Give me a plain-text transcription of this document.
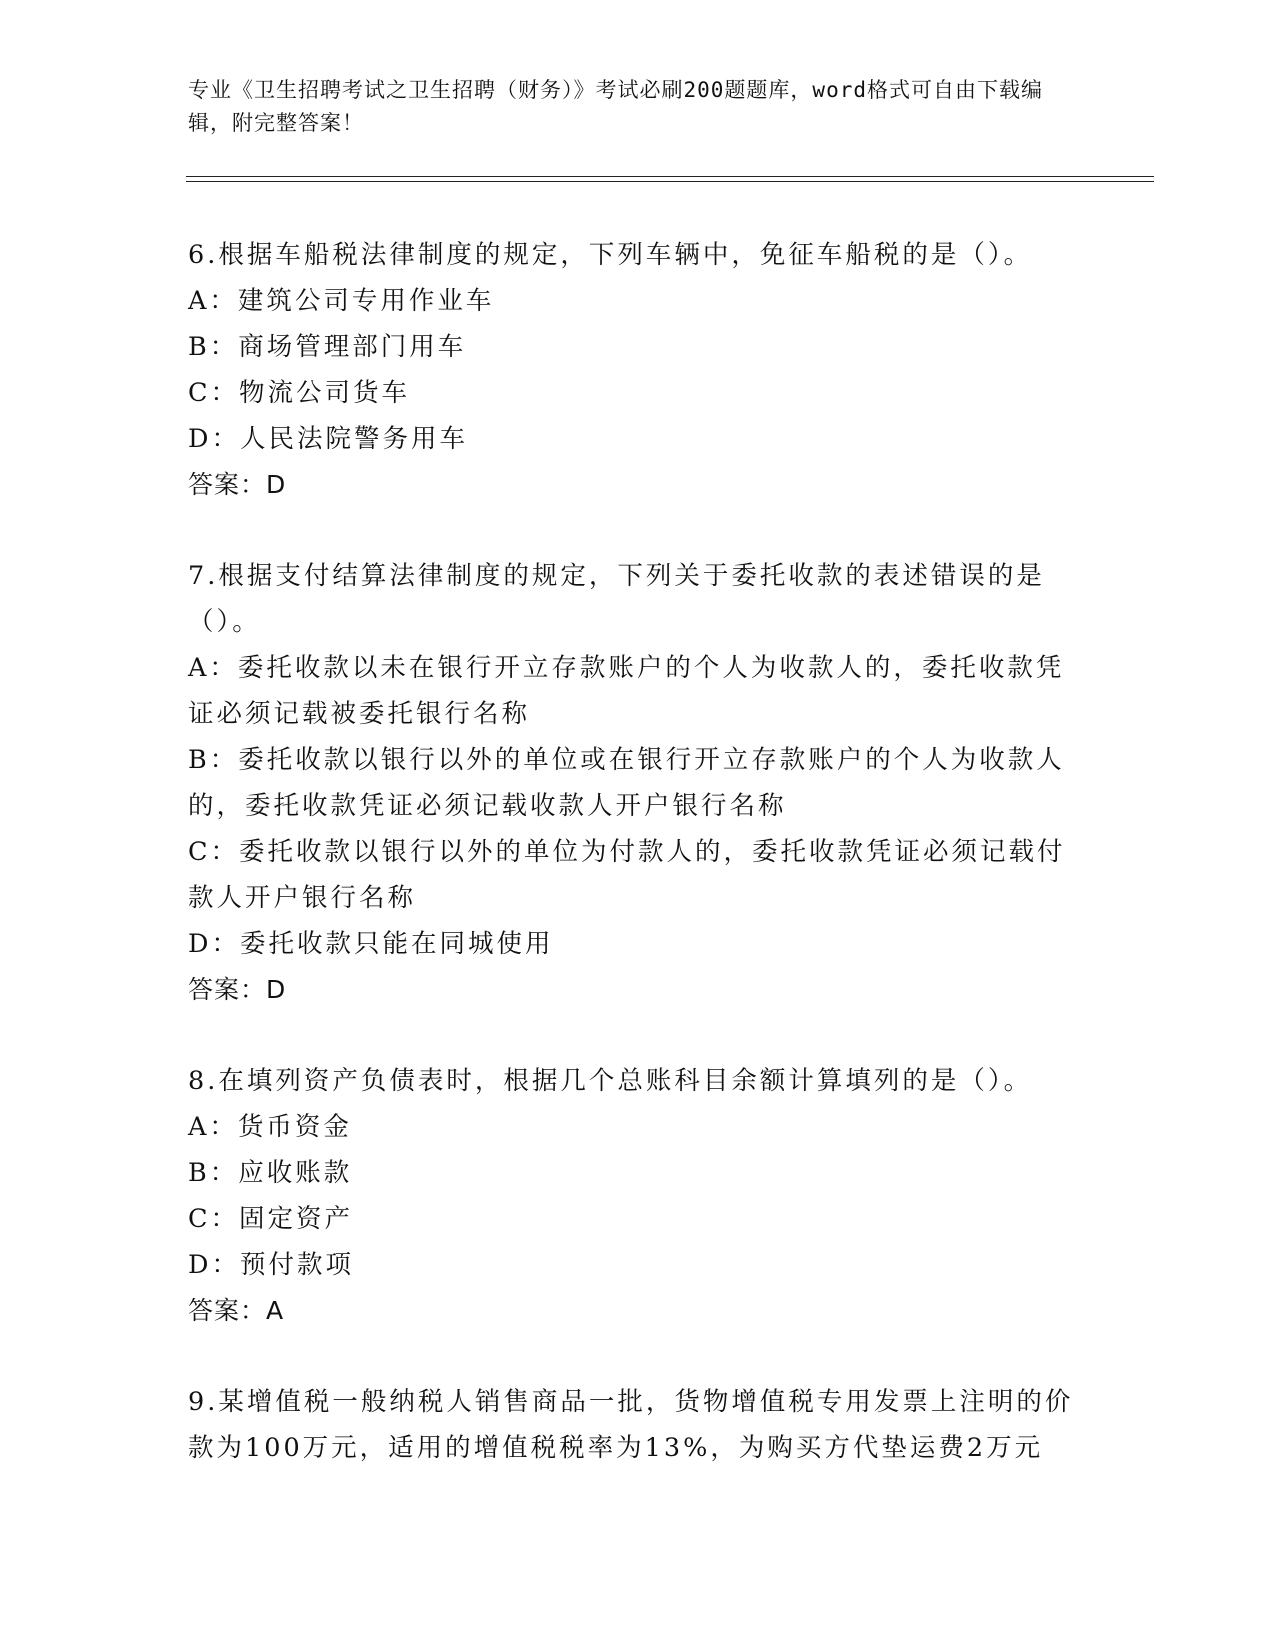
专业《卫生招聘考试之卫生招聘（财务）》考试必刷200题题库，word格式可自由下载编辑，附完整答案！

6.根据车船税法律制度的规定，下列车辆中，免征车船税的是（）。

A：建筑公司专用作业车

B：商场管理部门用车

C：物流公司货车

D：人民法院警务用车

答案：D

7.根据支付结算法律制度的规定，下列关于委托收款的表述错误的是（）。

A：委托收款以未在银行开立存款账户的个人为收款人的，委托收款凭证必须记载被委托银行名称

B：委托收款以银行以外的单位或在银行开立存款账户的个人为收款人的，委托收款凭证必须记载收款人开户银行名称

C：委托收款以银行以外的单位为付款人的，委托收款凭证必须记载付款人开户银行名称

D：委托收款只能在同城使用

答案：D

8.在填列资产负债表时，根据几个总账科目余额计算填列的是（）。

A：货币资金

B：应收账款

C：固定资产

D：预付款项

答案：A

9.某增值税一般纳税人销售商品一批，货物增值税专用发票上注明的价款为100万元，适用的增值税税率为13%，为购买方代垫运费2万元
